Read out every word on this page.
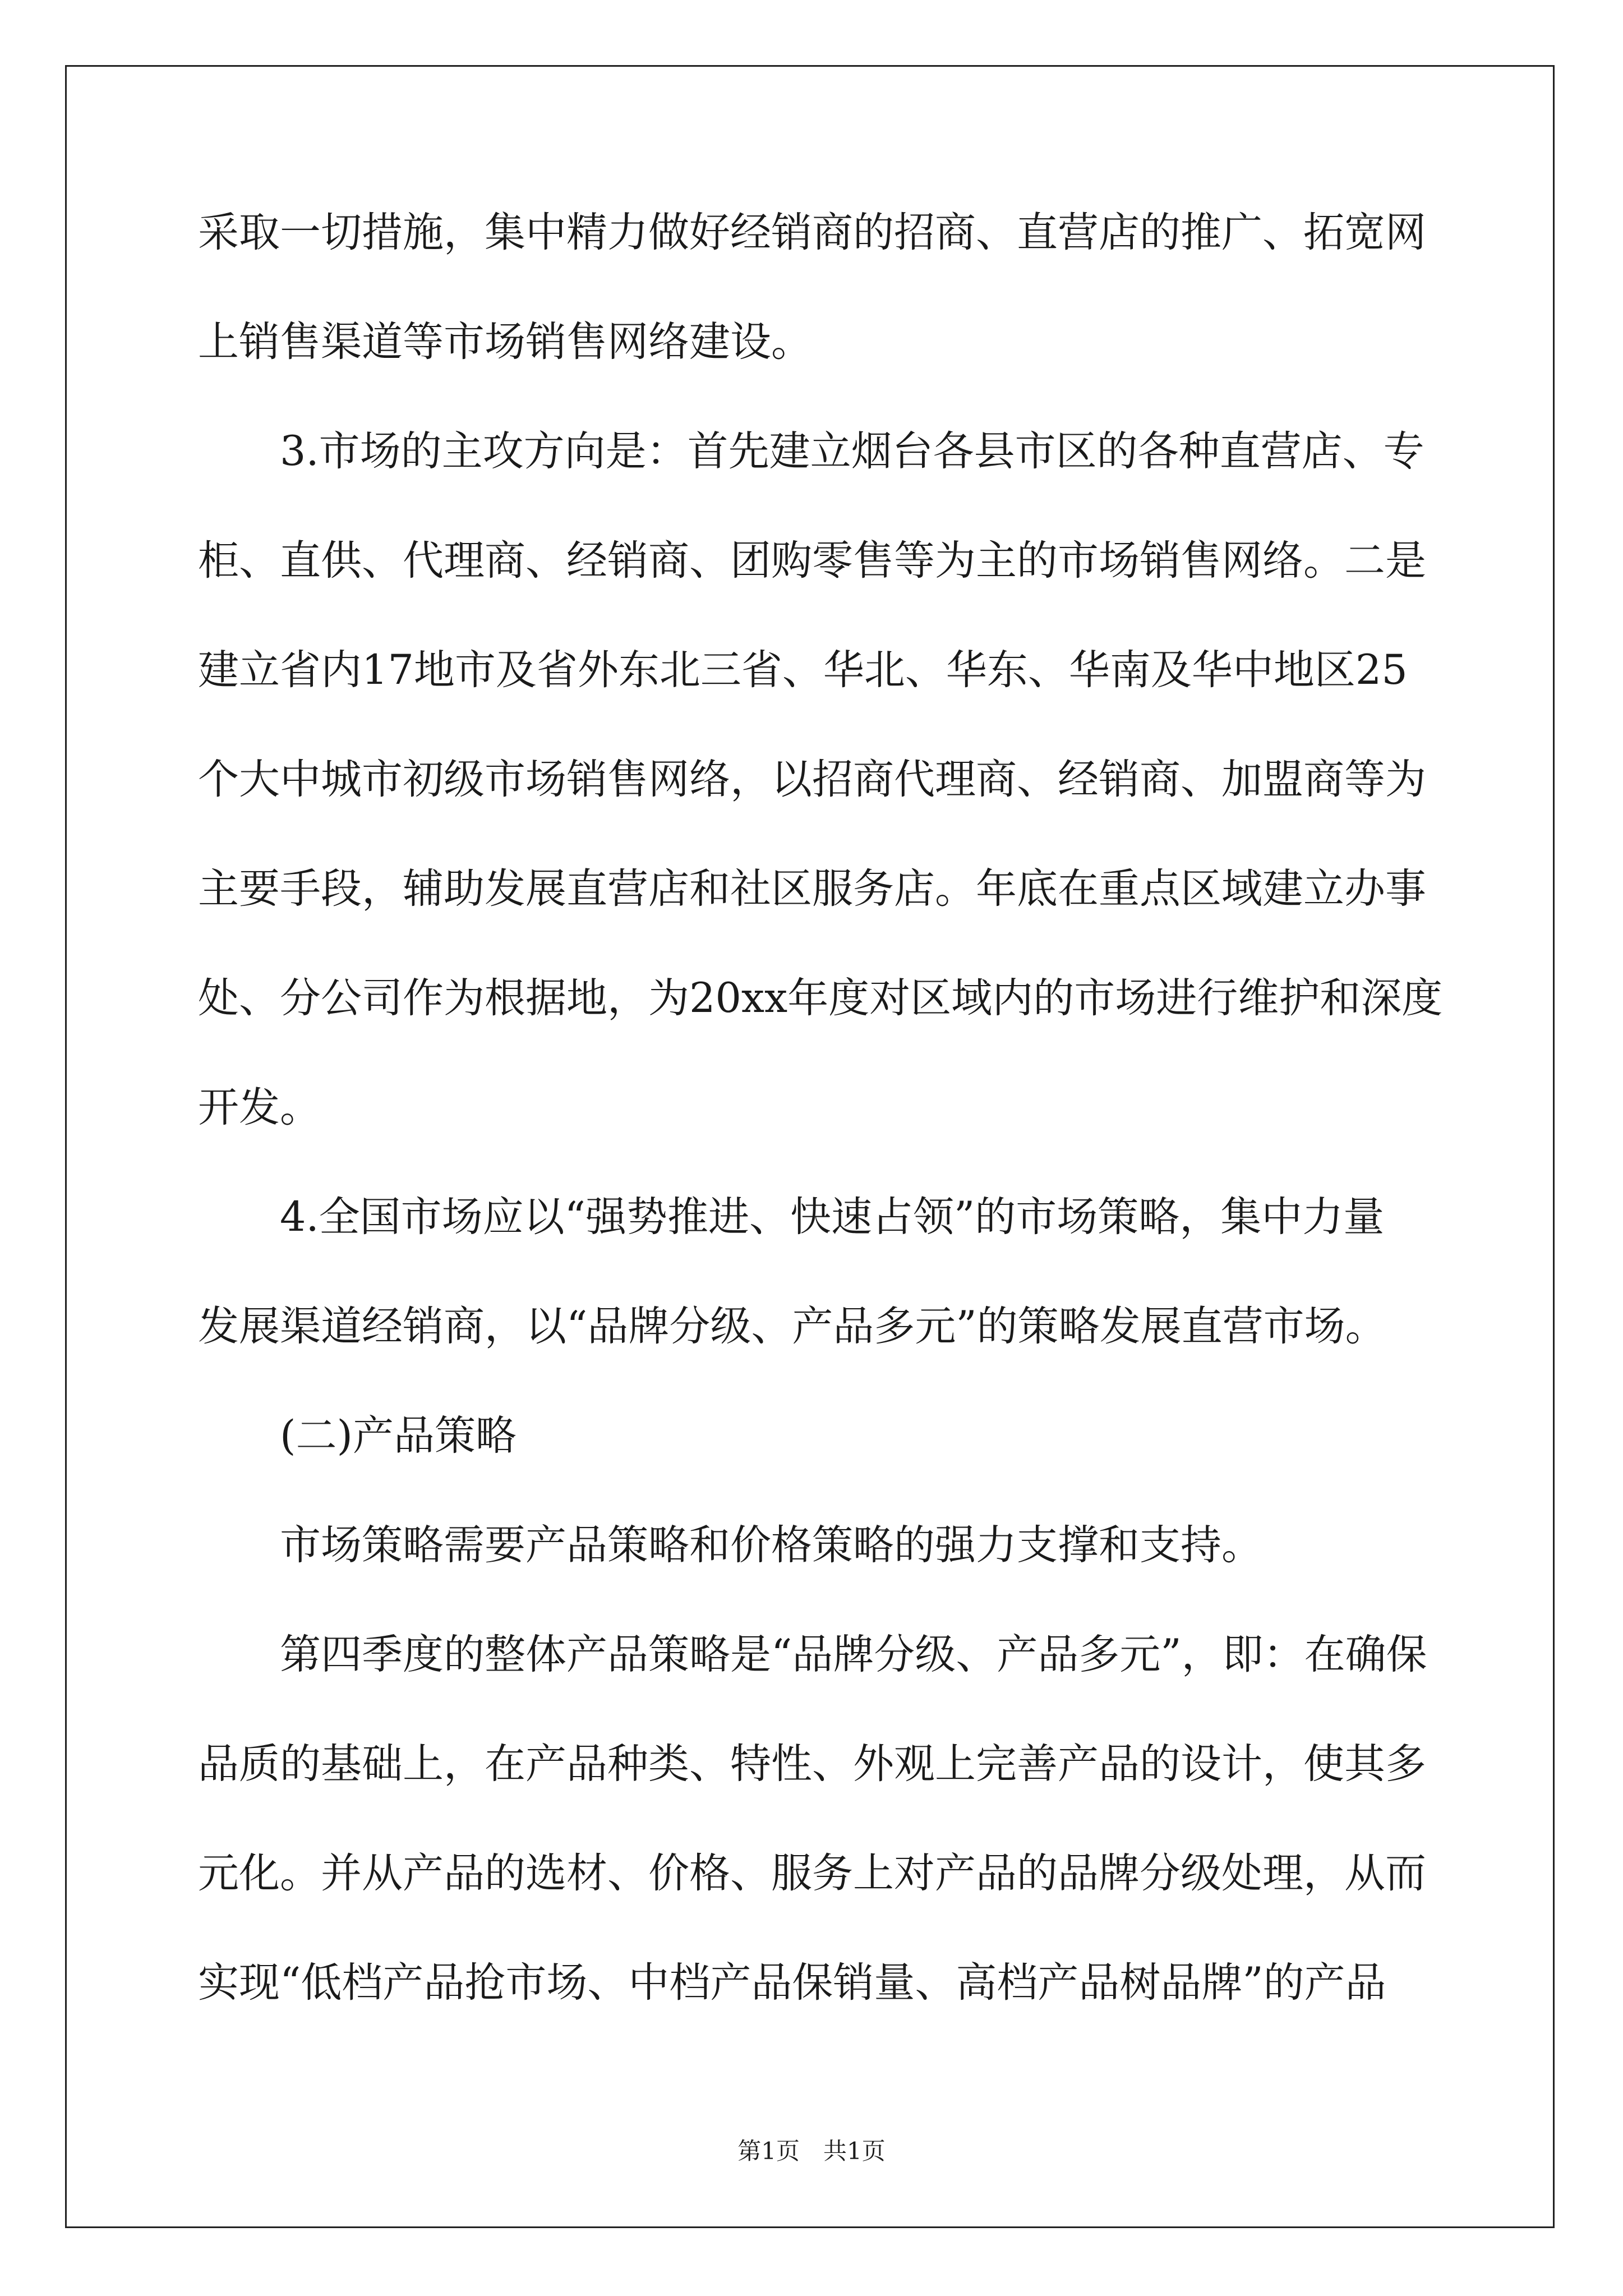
采取一切措施，集中精力做好经销商的招商、直营店的推广、拓宽网
上销售渠道等市场销售网络建设。
3.市场的主攻方向是：首先建立烟台各县市区的各种直营店、专
柜、直供、代理商、经销商、团购零售等为主的市场销售网络。二是
建立省内17地市及省外东北三省、华北、华东、华南及华中地区25
个大中城市初级市场销售网络，以招商代理商、经销商、加盟商等为
主要手段，辅助发展直营店和社区服务店。年底在重点区域建立办事
处、分公司作为根据地，为20xx年度对区域内的市场进行维护和深度
开发。
4.全国市场应以“强势推进、快速占领”的市场策略，集中力量
发展渠道经销商，以“品牌分级、产品多元”的策略发展直营市场。
(二)产品策略
市场策略需要产品策略和价格策略的强力支撑和支持。
第四季度的整体产品策略是“品牌分级、产品多元”，即：在确保
品质的基础上，在产品种类、特性、外观上完善产品的设计，使其多
元化。并从产品的选材、价格、服务上对产品的品牌分级处理，从而
实现“低档产品抢市场、中档产品保销量、高档产品树品牌”的产品
第1页　共1页
